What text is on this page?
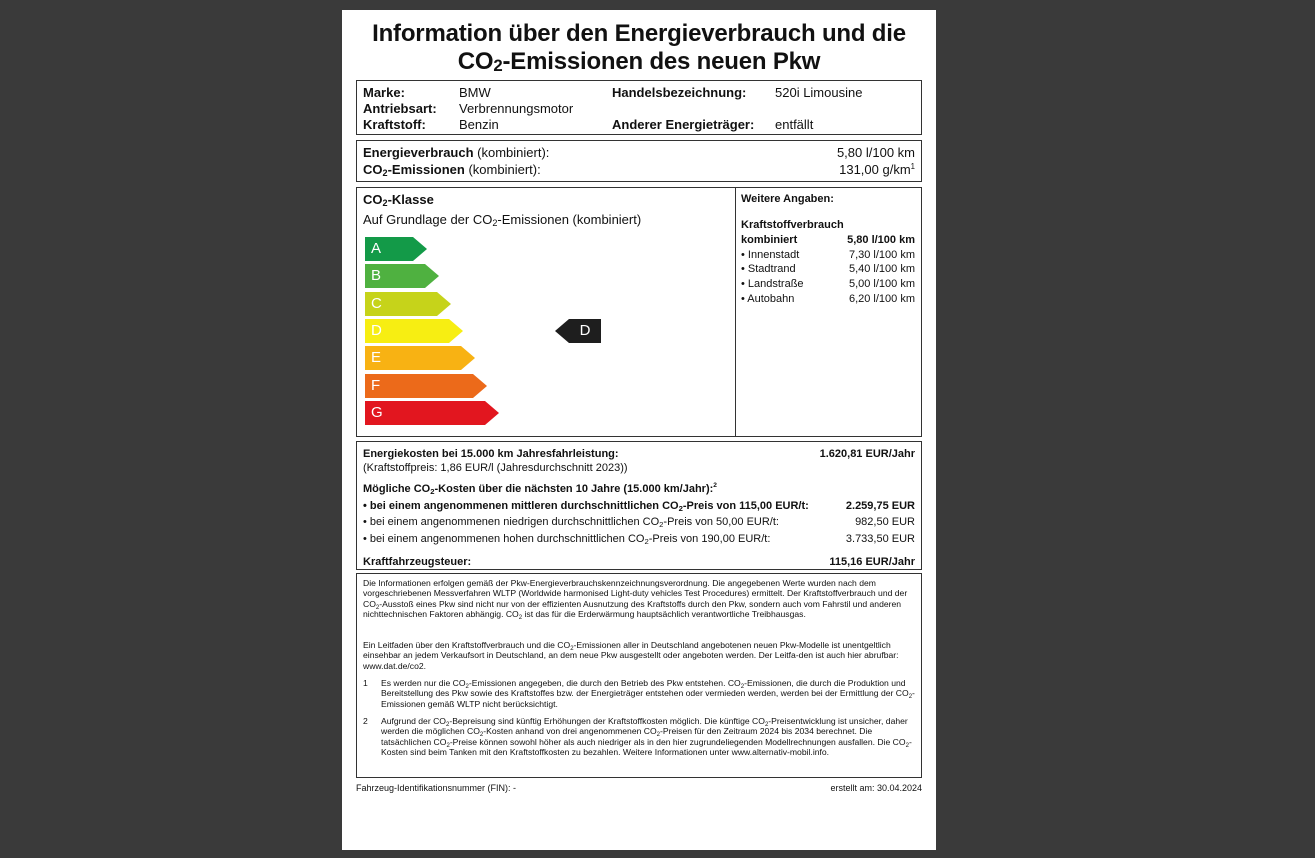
Information über den Energieverbrauch und die
$CO_2$-Emissionen des neuen Pkw
Marke:	BMW
Antriebsart: Verbrennungsmotor
Kraftstoff:	Benzin
Handelsbezeichnung: 520i Limousine
Anderer Energieträger: entfällt
Energieverbrauch (kombiniert):	5,80 l/100 km
$CO_2$-Emissionen (kombiniert):	131,00 $g/km^1$
$CO_2$-Klasse
Auf Grundlage der $CO_2$-Emissionen (kombiniert)
A
B
C
D
E
F
G
D
Weitere Angaben:
Kraftstoffverbrauch
kombiniert	5,80 l/100 km
• Innenstadt	7,30 l/100 km
• Stadtrand	5,40 l/100 km
• Landstraße	5,00 l/100 km
• Autobahn	6,20 l/100 km
Energiekosten bei 15.000 km Jahresfahrleistung:	1.620,81 EUR/Jahr
(Kraftstoffpreis: 1,86 EUR/l (Jahresdurchschnitt 2023))
Mögliche $CO_2$-Kosten über die nächsten 10 Jahre (15.000 km/Jahr):$^2$
• bei einem angenommenen mittleren durchschnittlichen $CO_2$-Preis von 115,00 EUR/t:	2.259,75 EUR
• bei einem angenommenen niedrigen durchschnittlichen $CO_2$-Preis von 50,00 EUR/t:	982,50 EUR
• bei einem angenommenen hohen durchschnittlichen $CO_2$-Preis von 190,00 EUR/t:	3.733,50 EUR
Kraftfahrzeugsteuer:	115,16 EUR/Jahr
Die Informationen erfolgen gemäß der Pkw-Energieverbrauchskennzeichnungsverordnung. Die angegebenen Werte wurden nach dem vorgeschriebenen Messverfahren WLTP (Worldwide harmonised Light-duty vehicles Test Procedures) ermittelt. Der Kraftstoffverbrauch und der $CO_2$-Ausstoß eines Pkw sind nicht nur von der effizienten Ausnutzung des Kraftstoffs durch den Pkw, sondern auch vom Fahrstil und anderen nichttechnischen Faktoren abhängig. $CO_2$ ist das für die Erderwärmung hauptsächlich verantwortliche Treibhausgas.
Ein Leitfaden über den Kraftstoffverbrauch und die $CO_2$-Emissionen aller in Deutschland angebotenen neuen Pkw-Modelle ist unentgeltlich einsehbar an jedem Verkaufsort in Deutschland, an dem neue Pkw ausgestellt oder angeboten werden. Der Leitfa-den ist auch hier abrufbar: www.dat.de/co2.
1 Es werden nur die $CO_2$-Emissionen angegeben, die durch den Betrieb des Pkw entstehen. $CO_2$-Emissionen, die durch die Produktion und Bereitstellung des Pkw sowie des Kraftstoffes bzw. der Energieträger entstehen oder vermieden werden, werden bei der Ermittlung der $CO_2$-Emissionen gemäß WLTP nicht berücksichtigt.
2 Aufgrund der $CO_2$-Bepreisung sind künftig Erhöhungen der Kraftstoffkosten möglich. Die künftige $CO_2$-Preisentwicklung ist unsicher, daher werden die möglichen $CO_2$-Kosten anhand von drei angenommenen $CO_2$-Preisen für den Zeitraum 2024 bis 2034 berechnet. Die tatsächlichen $CO_2$-Preise können sowohl höher als auch niedriger als in den hier zugrundeliegenden Modellrechnungen ausfallen. Die $CO_2$-Kosten sind beim Tanken mit den Kraftstoffkosten zu bezahlen. Weitere Informationen unter www.alternativ-mobil.info.
Fahrzeug-Identifikationsnummer (FIN): -	erstellt am: 30.04.2024
